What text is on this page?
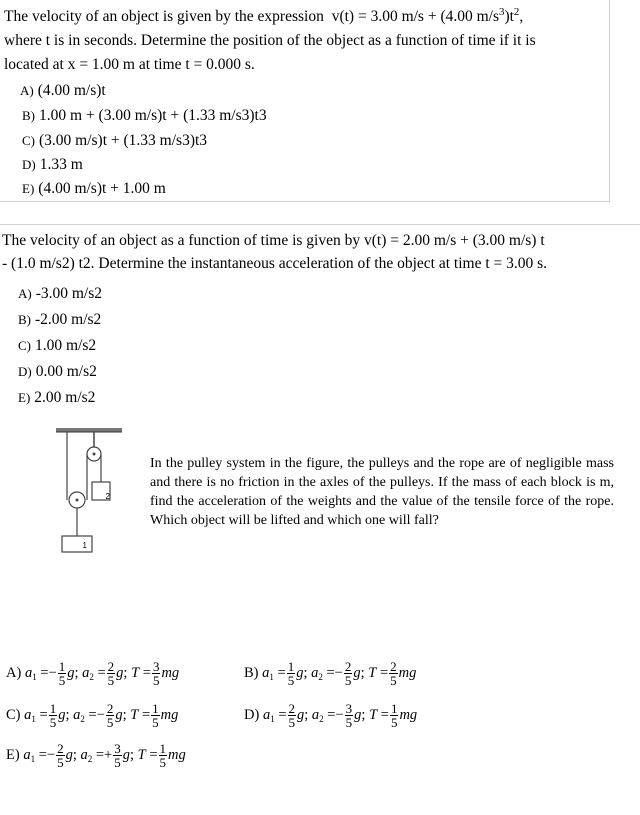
The velocity of an object is given by the expression v(t) = 3.00 m/s + (4.00 $m/s^3)t^2$,
where t is in seconds. Determine the position of the object as a function of time if it is
located at x = 1.00 m at time t = 0.000 s.
A) (4.00 m/s)t
B) 1.00 m + (3.00 m/s)t + (1.33 m/s3)t3
C) (3.00 m/s)t + (1.33 m/s3)t3
D) 1.33 m
E) (4.00 m/s)t + 1.00 m
The velocity of an object as a function of time is given by v(t) = 2.00 m/s + (3.00 m/s) t
- (1.0 m/s2) t2. Determine the instantaneous acceleration of the object at time t = 3.00 s.
A) -3.00 m/s2
B) -2.00 m/s2
C) 1.00 m/s2
D) 0.00 m/s2
E) 2.00 m/s2
2
1
In the pulley system in the figure, the pulleys and the rope are of negligible mass and there is no friction in the axles of the pulleys. If the mass of each block is m, find the acceleration of the weights and the value of the tensile force of the rope. Which object will be lifted and which one will fall?
A) $a_1 =- \frac{1}{5} g$; $a_2 = \frac{2}{5} g$; $T = \frac{3}{5}$ mg	B) $a_1 = \frac{1}{5} g$; $a_2 =- \frac{2}{5} g$; $T = \frac{2}{5}$ mg
C) $a_1 = \frac{1}{5} g$; $a_2 =- \frac{2}{5} g$; $T = \frac{1}{5}$ mg	D) $a_1 = \frac{2}{5} g$; $a_2 =- \frac{3}{5} g$; $T = \frac{1}{5}$ mg
E) $a_1 =- \frac{2}{5} g$; $a_2 =+ \frac{3}{5} g$; $T = \frac{1}{5}$ mg
